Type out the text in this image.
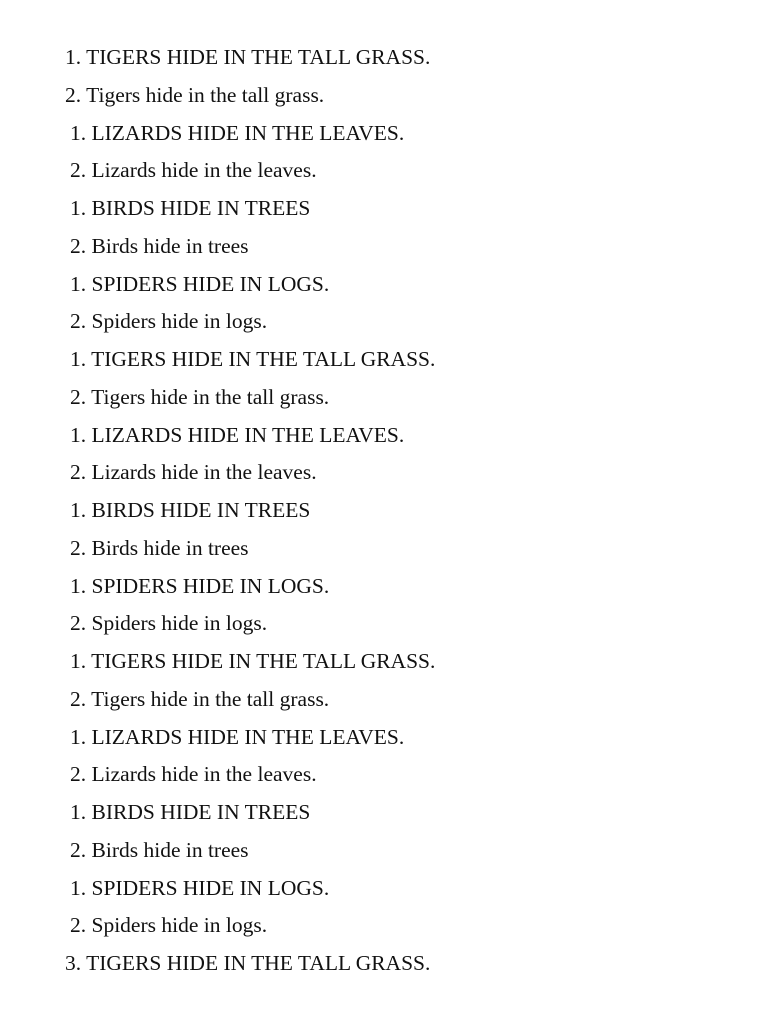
1. TIGERS HIDE IN THE TALL GRASS.
2. Tigers hide in the tall grass.
1. LIZARDS HIDE IN THE LEAVES.
2. Lizards hide in the leaves.
1. BIRDS HIDE IN TREES
2. Birds hide in trees
1. SPIDERS HIDE IN LOGS.
2. Spiders hide in logs.
1. TIGERS HIDE IN THE TALL GRASS.
2. Tigers hide in the tall grass.
1. LIZARDS HIDE IN THE LEAVES.
2. Lizards hide in the leaves.
1. BIRDS HIDE IN TREES
2. Birds hide in trees
1. SPIDERS HIDE IN LOGS.
2. Spiders hide in logs.
1. TIGERS HIDE IN THE TALL GRASS.
2. Tigers hide in the tall grass.
1. LIZARDS HIDE IN THE LEAVES.
2. Lizards hide in the leaves.
1. BIRDS HIDE IN TREES
2. Birds hide in trees
1. SPIDERS HIDE IN LOGS.
2. Spiders hide in logs.
3. TIGERS HIDE IN THE TALL GRASS.
